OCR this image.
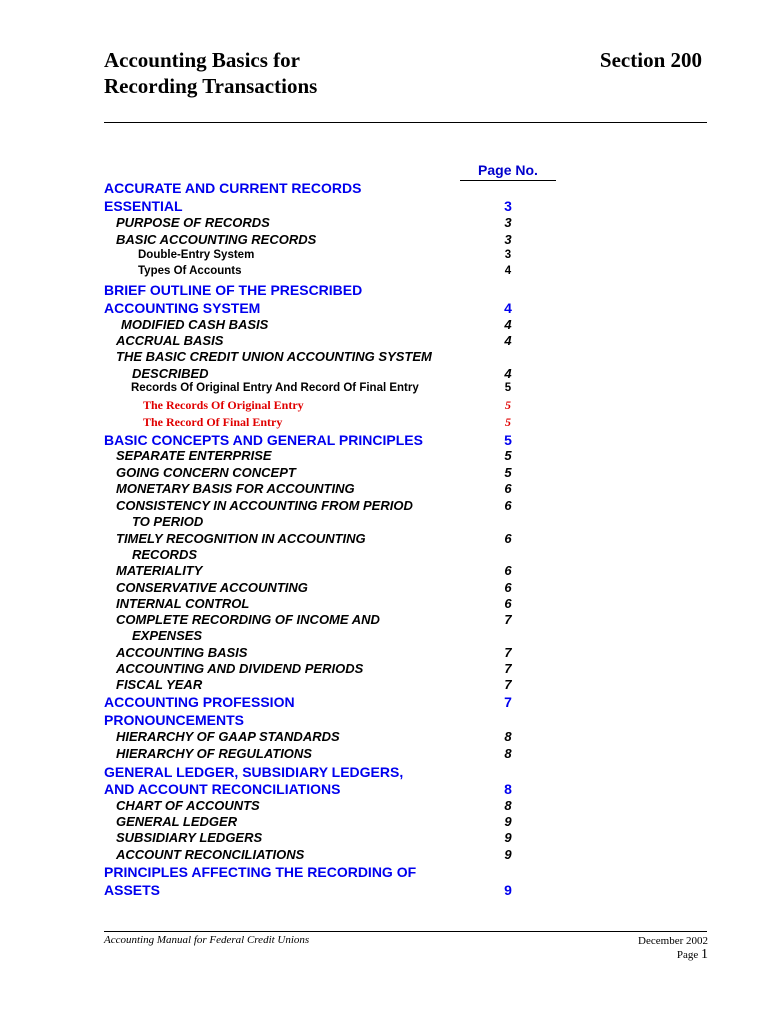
Accounting Basics for
Recording Transactions
Section 200
Page No.
ACCURATE AND CURRENT RECORDS
ESSENTIAL	3
PURPOSE OF RECORDS	3
BASIC ACCOUNTING RECORDS	3
Double-Entry System	3
Types Of Accounts	4
BRIEF OUTLINE OF THE PRESCRIBED
ACCOUNTING SYSTEM	4
MODIFIED CASH BASIS	4
ACCRUAL BASIS	4
THE BASIC CREDIT UNION ACCOUNTING SYSTEM
DESCRIBED	4
Records Of Original Entry And Record Of Final Entry	5
The Records Of Original Entry	5
The Record Of Final Entry	5
BASIC CONCEPTS AND GENERAL PRINCIPLES	5
SEPARATE ENTERPRISE	5
GOING CONCERN CONCEPT	5
MONETARY BASIS FOR ACCOUNTING	6
CONSISTENCY IN ACCOUNTING FROM PERIOD	6
TO PERIOD
TIMELY RECOGNITION IN ACCOUNTING	6
RECORDS
MATERIALITY	6
CONSERVATIVE ACCOUNTING	6
INTERNAL CONTROL	6
COMPLETE RECORDING OF INCOME AND	7
EXPENSES
ACCOUNTING BASIS	7
ACCOUNTING AND DIVIDEND PERIODS	7
FISCAL YEAR	7
ACCOUNTING PROFESSION	7
PRONOUNCEMENTS
HIERARCHY OF GAAP STANDARDS	8
HIERARCHY OF REGULATIONS	8
GENERAL LEDGER, SUBSIDIARY LEDGERS,
AND ACCOUNT RECONCILIATIONS	8
CHART OF ACCOUNTS	8
GENERAL LEDGER	9
SUBSIDIARY LEDGERS	9
ACCOUNT RECONCILIATIONS	9
PRINCIPLES AFFECTING THE RECORDING OF
ASSETS	9
Accounting Manual for Federal Credit Unions	December 2002
Page 1
